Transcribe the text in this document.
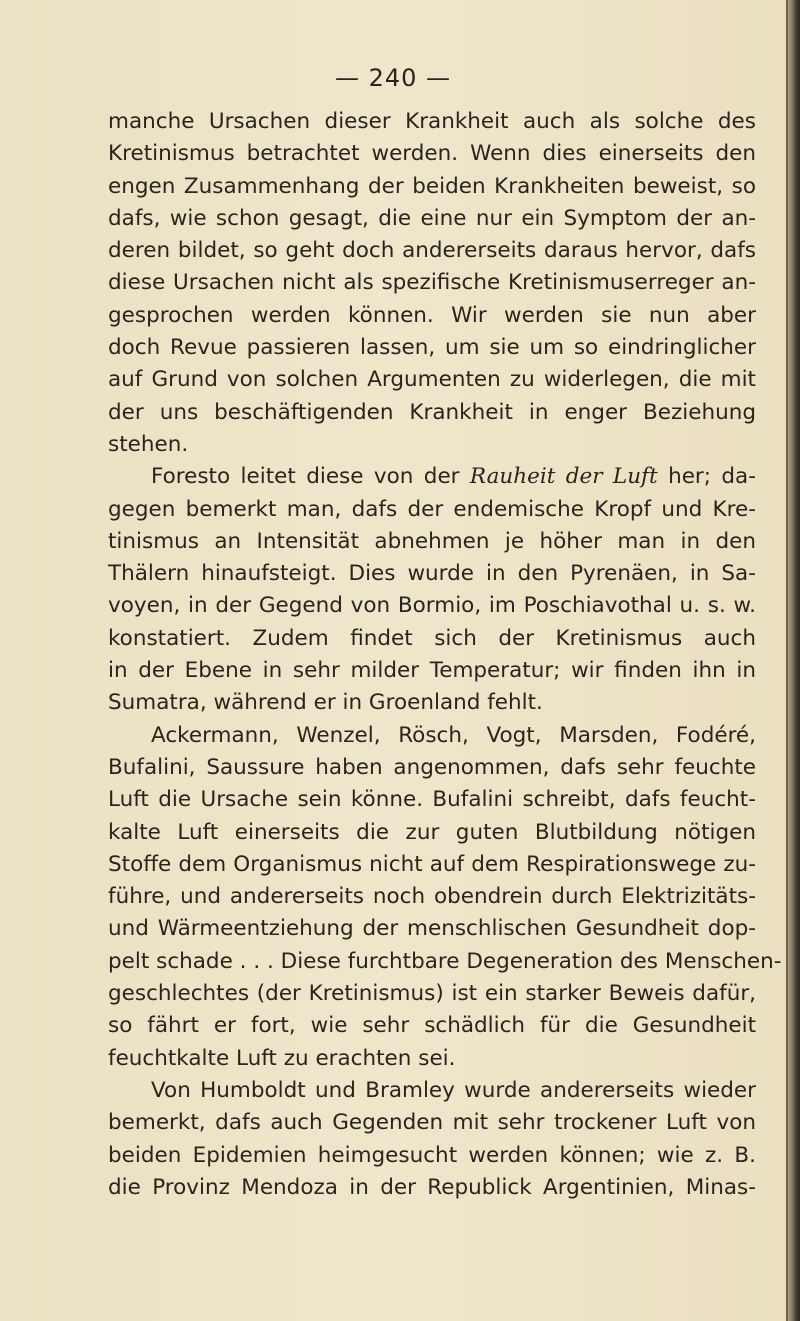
— 240 —
manche Ursachen dieser Krankheit auch als solche des
Kretinismus betrachtet werden. Wenn dies einerseits den
engen Zusammenhang der beiden Krankheiten beweist, so
dafs, wie schon gesagt, die eine nur ein Symptom der an-
deren bildet, so geht doch andererseits daraus hervor, dafs
diese Ursachen nicht als spezifische Kretinismuserreger an-
gesprochen werden können. Wir werden sie nun aber
doch Revue passieren lassen, um sie um so eindringlicher
auf Grund von solchen Argumenten zu widerlegen, die mit
der uns beschäftigenden Krankheit in enger Beziehung
stehen.
Foresto leitet diese von der Rauheit der Luft her; da-
gegen bemerkt man, dafs der endemische Kropf und Kre-
tinismus an Intensität abnehmen je höher man in den
Thälern hinaufsteigt. Dies wurde in den Pyrenäen, in Sa-
voyen, in der Gegend von Bormio, im Poschiavothal u. s. w.
konstatiert. Zudem findet sich der Kretinismus auch
in der Ebene in sehr milder Temperatur; wir finden ihn in
Sumatra, während er in Groenland fehlt.
Ackermann, Wenzel, Rösch, Vogt, Marsden, Fodéré,
Bufalini, Saussure haben angenommen, dafs sehr feuchte
Luft die Ursache sein könne. Bufalini schreibt, dafs feucht-
kalte Luft einerseits die zur guten Blutbildung nötigen
Stoffe dem Organismus nicht auf dem Respirationswege zu-
führe, und andererseits noch obendrein durch Elektrizitäts-
und Wärmeentziehung der menschlischen Gesundheit dop-
pelt schade . . . Diese furchtbare Degeneration des Menschen-
geschlechtes (der Kretinismus) ist ein starker Beweis dafür,
so fährt er fort, wie sehr schädlich für die Gesundheit
feuchtkalte Luft zu erachten sei.
Von Humboldt und Bramley wurde andererseits wieder
bemerkt, dafs auch Gegenden mit sehr trockener Luft von
beiden Epidemien heimgesucht werden können; wie z. B.
die Provinz Mendoza in der Republick Argentinien, Minas-
